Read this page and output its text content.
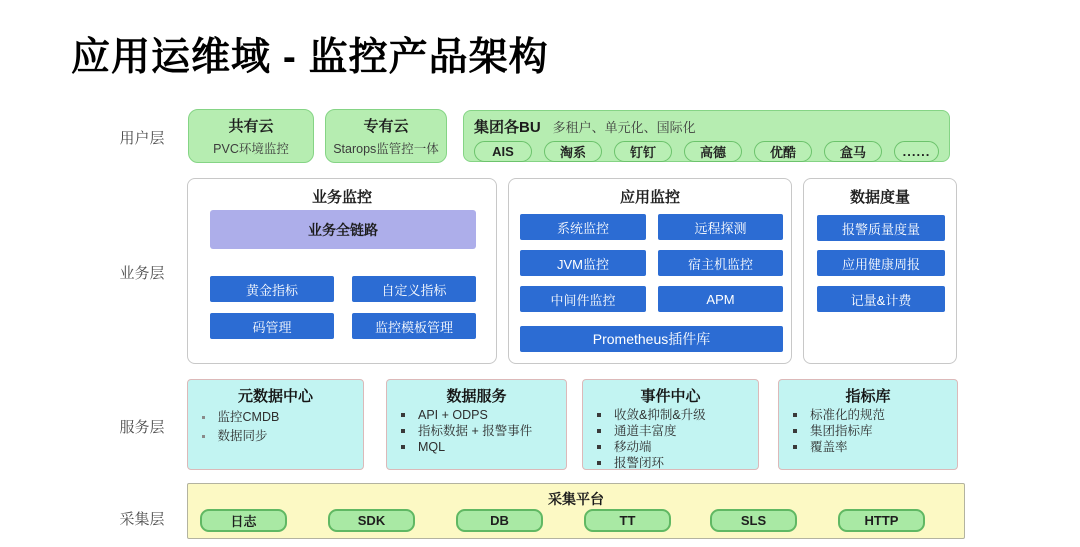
应用运维域 - 监控产品架构
用户层
业务层
服务层
采集层
共有云
PVC环境监控
专有云
Starops监管控一体
集团各BU 多租户、单元化、国际化
AIS	淘系	钉钉	高德	优酷	盒马	......
业务监控
业务全链路
黄金指标	自定义指标
码管理	监控模板管理
应用监控
系统监控	远程探测
JVM监控	宿主机监控
中间件监控	APM
Prometheus插件库
数据度量
报警质量度量
应用健康周报
记量&计费
元数据中心
监控CMDB
数据同步
数据服务
API + ODPS
指标数据 + 报警事件
MQL
事件中心
收敛&抑制&升级
通道丰富度
移动端
报警闭环
指标库
标准化的规范
集团指标库
覆盖率
采集平台
日志	SDK	DB	TT	SLS	HTTP
